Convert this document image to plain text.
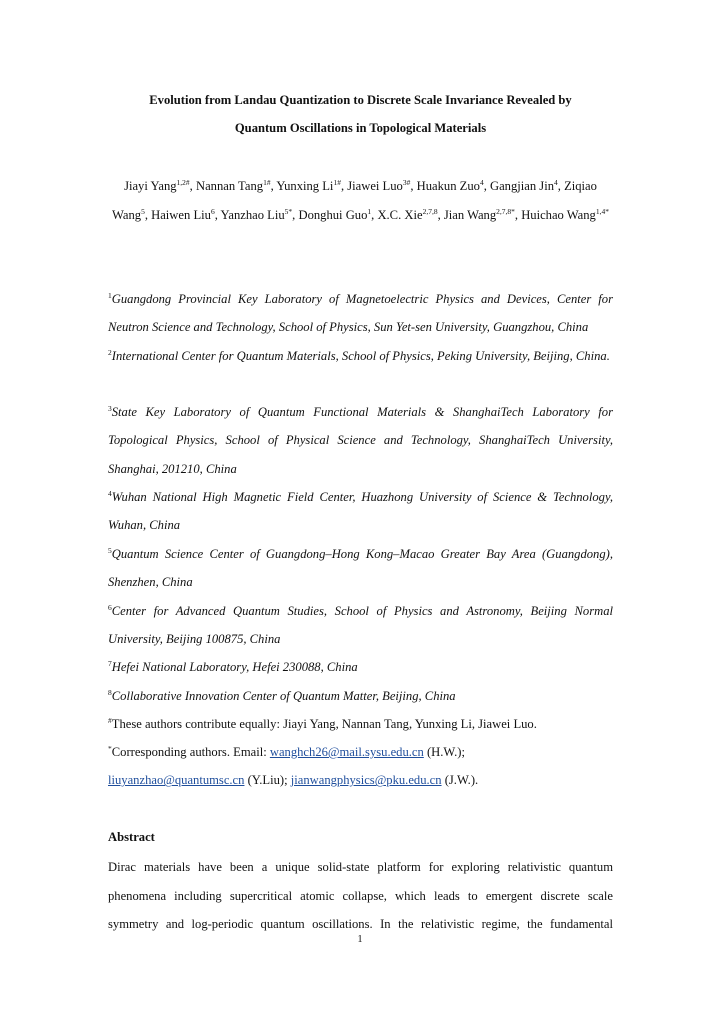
Evolution from Landau Quantization to Discrete Scale Invariance Revealed by
Quantum Oscillations in Topological Materials
Jiayi Yang$^{1,2\#}$, Nannan Tang$^{1\#}$, Yunxing $Li^{1\#}$, Jiawei Luo$^{3\#}$, Huakun Zuo$^4$, Gangjian Jin$^4$, Ziqiao Wang$^5$, Haiwen Liu$^6$, Yanzhao Liu$^{5*}$, Donghui Guo$^1$, X.C. Xie$^{2,7,8}$, Jian Wang$^{2,7,8*}$, Huichao Wang$^{1,4*}$
$^1$Guangdong Provincial Key Laboratory of Magnetoelectric Physics and Devices, Center for Neutron Science and Technology, School of Physics, Sun Yet-sen University, Guangzhou, China
$^2$International Center for Quantum Materials, School of Physics, Peking University, Beijing, China.
$^3$State Key Laboratory of Quantum Functional Materials & ShanghaiTech Laboratory for Topological Physics, School of Physical Science and Technology, ShanghaiTech University, Shanghai, 201210, China
$^4$Wuhan National High Magnetic Field Center, Huazhong University of Science & Technology, Wuhan, China
$^5$Quantum Science Center of Guangdong–Hong Kong–Macao Greater Bay Area (Guangdong), Shenzhen, China
$^6$Center for Advanced Quantum Studies, School of Physics and Astronomy, Beijing Normal University, Beijing 100875, China
$^7$Hefei National Laboratory, Hefei 230088, China
$^8$Collaborative Innovation Center of Quantum Matter, Beijing, China
#These authors contribute equally: Jiayi Yang, Nannan Tang, Yunxing Li, Jiawei Luo.
*Corresponding authors. Email: wanghch26@mail.sysu.edu.cn (H.W.);
liuyanzhao@quantumsc.cn (Y.Liu); jianwangphysics@pku.edu.cn (J.W.).
Abstract
Dirac materials have been a unique solid-state platform for exploring relativistic quantum phenomena including supercritical atomic collapse, which leads to emergent discrete scale symmetry and log-periodic quantum oscillations. In the relativistic regime, the fundamental
1
